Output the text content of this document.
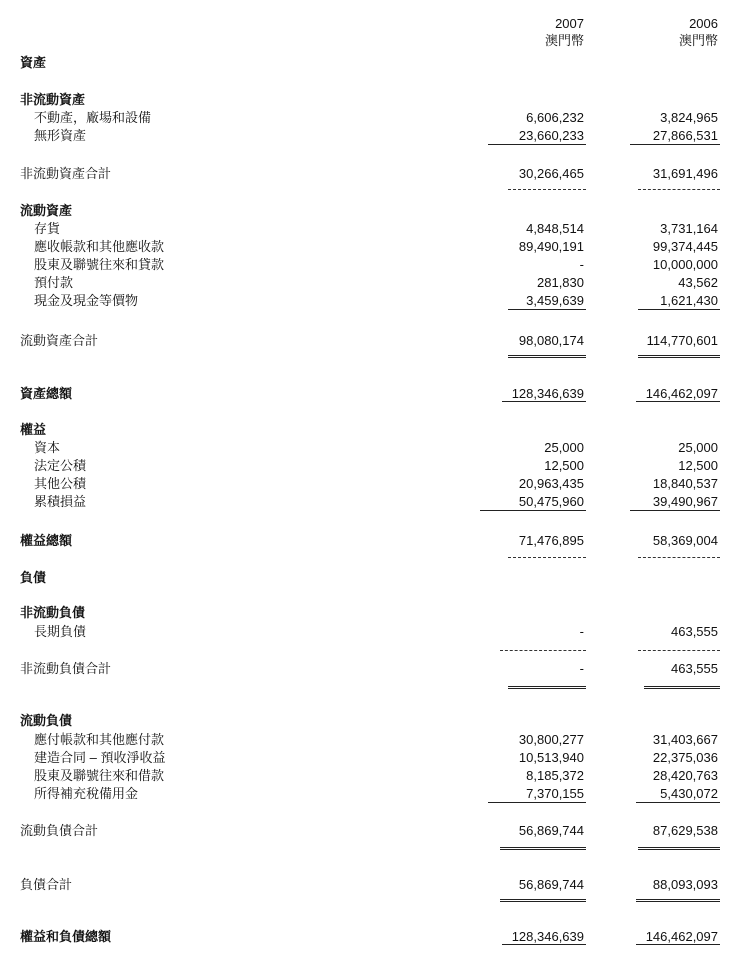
2007	2006
澳門幣	澳門幣
資產
非流動資產
不動產，廠場和設備	6,606,232	3,824,965
無形資產	23,660,233	27,866,531
非流動資產合計	30,266,465	31,691,496
流動資產
存貨	4,848,514	3,731,164
應收帳款和其他應收款	89,490,191	99,374,445
股東及聯號往來和貸款	-	10,000,000
預付款	281,830	43,562
現金及現金等價物	3,459,639	1,621,430
流動資產合計	98,080,174	114,770,601
資產總額	128,346,639	146,462,097
權益
資本	25,000	25,000
法定公積	12,500	12,500
其他公積	20,963,435	18,840,537
累積損益	50,475,960	39,490,967
權益總額	71,476,895	58,369,004
負債
非流動負債
長期負債	-	463,555
非流動負債合計	-	463,555
流動負債
應付帳款和其他應付款	30,800,277	31,403,667
建造合同 – 預收淨收益	10,513,940	22,375,036
股東及聯號往來和借款	8,185,372	28,420,763
所得補充稅備用金	7,370,155	5,430,072
流動負債合計	56,869,744	87,629,538
負債合計	56,869,744	88,093,093
權益和負債總額	128,346,639	146,462,097
